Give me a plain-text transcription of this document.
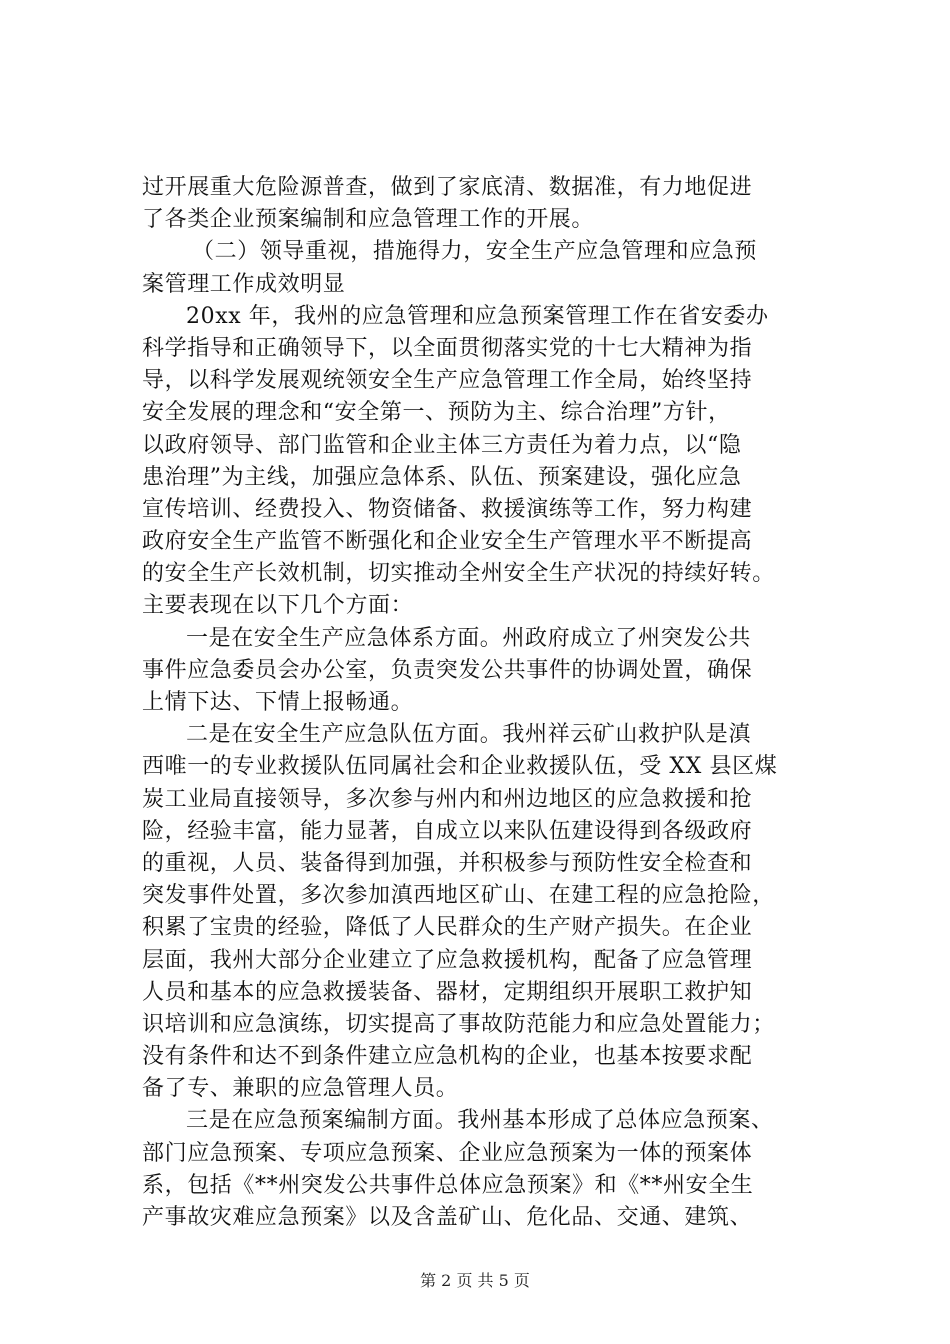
过开展重大危险源普查，做到了家底清、数据准，有力地促进
了各类企业预案编制和应急管理工作的开展。
（二）领导重视，措施得力，安全生产应急管理和应急预
案管理工作成效明显
20xx 年，我州的应急管理和应急预案管理工作在省安委办
科学指导和正确领导下，以全面贯彻落实党的十七大精神为指
导，以科学发展观统领安全生产应急管理工作全局，始终坚持
安全发展的理念和“安全第一、预防为主、综合治理”方针，
以政府领导、部门监管和企业主体三方责任为着力点，以“隐
患治理”为主线，加强应急体系、队伍、预案建设，强化应急
宣传培训、经费投入、物资储备、救援演练等工作，努力构建
政府安全生产监管不断强化和企业安全生产管理水平不断提高
的安全生产长效机制，切实推动全州安全生产状况的持续好转。
主要表现在以下几个方面：
一是在安全生产应急体系方面。州政府成立了州突发公共
事件应急委员会办公室，负责突发公共事件的协调处置，确保
上情下达、下情上报畅通。
二是在安全生产应急队伍方面。我州祥云矿山救护队是滇
西唯一的专业救援队伍同属社会和企业救援队伍，受 XX 县区煤
炭工业局直接领导，多次参与州内和州边地区的应急救援和抢
险，经验丰富，能力显著，自成立以来队伍建设得到各级政府
的重视，人员、装备得到加强，并积极参与预防性安全检查和
突发事件处置，多次参加滇西地区矿山、在建工程的应急抢险，
积累了宝贵的经验，降低了人民群众的生产财产损失。在企业
层面，我州大部分企业建立了应急救援机构，配备了应急管理
人员和基本的应急救援装备、器材，定期组织开展职工救护知
识培训和应急演练，切实提高了事故防范能力和应急处置能力；
没有条件和达不到条件建立应急机构的企业，也基本按要求配
备了专、兼职的应急管理人员。
三是在应急预案编制方面。我州基本形成了总体应急预案、
部门应急预案、专项应急预案、企业应急预案为一体的预案体
系，包括《**州突发公共事件总体应急预案》和《**州安全生
产事故灾难应急预案》以及含盖矿山、危化品、交通、建筑、
第 2 页 共 5 页
